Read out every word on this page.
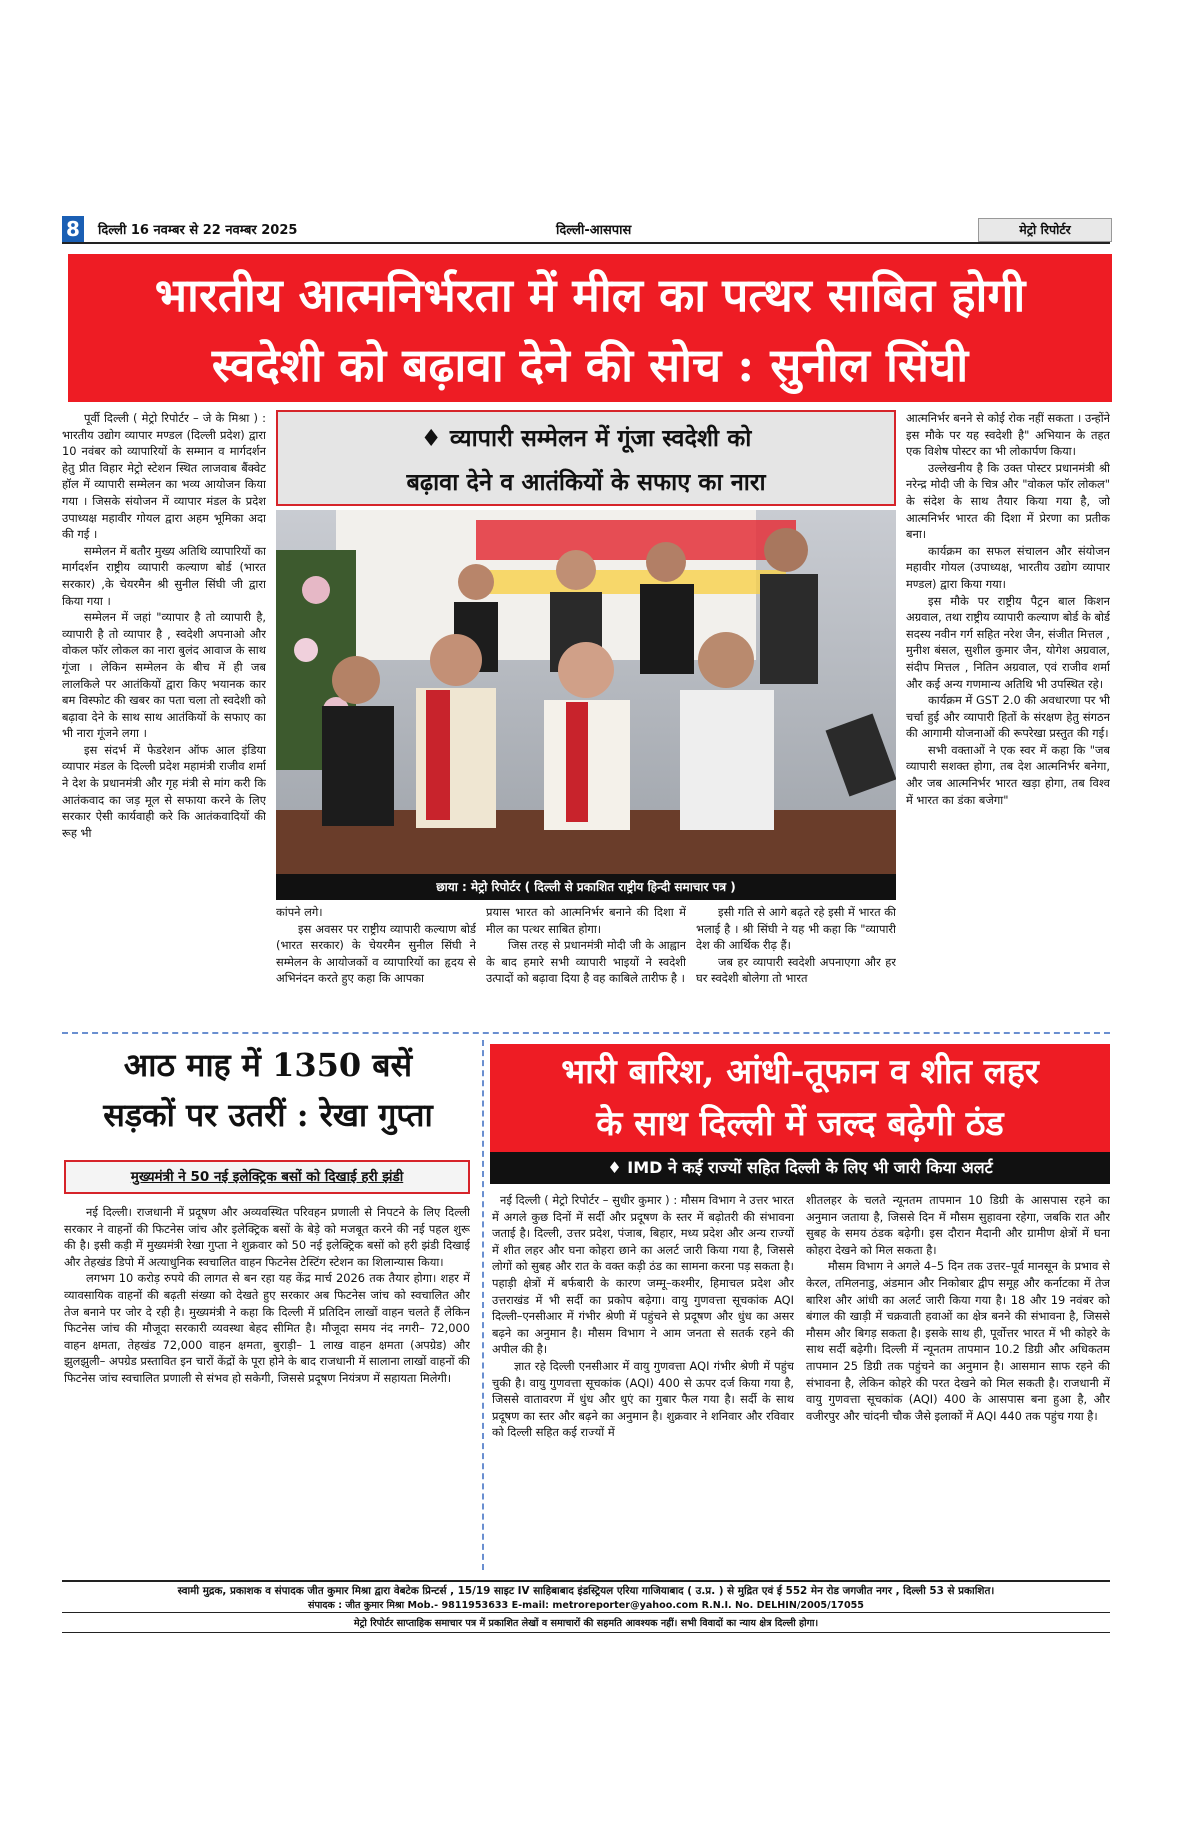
8	दिल्ली 16 नवम्बर से 22 नवम्बर 2025	दिल्ली-आसपास	मेट्रो रिपोर्टर
भारतीय आत्मनिर्भरता में मील का पत्थर साबित होगी
स्वदेशी को बढ़ावा देने की सोच : सुनील सिंघी

पूर्वी दिल्ली ( मेट्रो रिपोर्टर – जे के मिश्रा ) : भारतीय उद्योग व्यापार मण्डल (दिल्ली प्रदेश) द्वारा 10 नवंबर को व्यापारियों के सम्मान व मार्गदर्शन हेतु प्रीत विहार मेट्रो स्टेशन स्थित लाजवाब बैंक्वेट हॉल में व्यापारी सम्मेलन का भव्य आयोजन किया गया । जिसके संयोजन में व्यापार मंडल के प्रदेश उपाध्यक्ष महावीर गोयल द्वारा अहम भूमिका अदा की गई ।

सम्मेलन में बतौर मुख्य अतिथि व्यापारियों का मार्गदर्शन राष्ट्रीय व्यापारी कल्याण बोर्ड (भारत सरकार) ,के चेयरमैन श्री सुनील सिंघी जी द्वारा किया गया ।

सम्मेलन में जहां "व्यापार है तो व्यापारी है, व्यापारी है तो व्यापार है , स्वदेशी अपनाओ और वोकल फॉर लोकल का नारा बुलंद आवाज के साथ गूंजा । लेकिन सम्मेलन के बीच में ही जब लालकिले पर आतंकियों द्वारा किए भयानक कार बम विस्फोट की खबर का पता चला तो स्वदेशी को बढ़ावा देने के साथ साथ आतंकियों के सफाए का भी नारा गूंजने लगा ।

इस संदर्भ में फेडरेशन ऑफ आल इंडिया व्यापार मंडल के दिल्ली प्रदेश महामंत्री राजीव शर्मा ने देश के प्रधानमंत्री और गृह मंत्री से मांग करी कि आतंकवाद का जड़ मूल से सफाया करने के लिए सरकार ऐसी कार्यवाही करे कि आतंकवादियों की रूह भी

♦ व्यापारी सम्मेलन में गूंजा स्वदेशी को
बढ़ावा देने व आतंकियों के सफाए का नारा
छाया : मेट्रो रिपोर्टर ( दिल्ली से प्रकाशित राष्ट्रीय हिन्दी समाचार पत्र )

कांपने लगे।

इस अवसर पर राष्ट्रीय व्यापारी कल्याण बोर्ड (भारत सरकार) के चेयरमैन सुनील सिंघी ने सम्मेलन के आयोजकों व व्यापारियों का हृदय से अभिनंदन करते हुए कहा कि आपका

प्रयास भारत को आत्मनिर्भर बनाने की दिशा में मील का पत्थर साबित होगा।

जिस तरह से प्रधानमंत्री मोदी जी के आह्वान के बाद हमारे सभी व्यापारी भाइयों ने स्वदेशी उत्पादों को बढ़ावा दिया है वह काबिले तारीफ है ।

इसी गति से आगे बढ़ते रहे इसी में भारत की भलाई है । श्री सिंघी ने यह भी कहा कि "व्यापारी देश की आर्थिक रीढ़ हैं।

जब हर व्यापारी स्वदेशी अपनाएगा और हर घर स्वदेशी बोलेगा तो भारत

आत्मनिर्भर बनने से कोई रोक नहीं सकता । उन्होंने इस मौके पर यह स्वदेशी है" अभियान के तहत एक विशेष पोस्टर का भी लोकार्पण किया।

उल्लेखनीय है कि उक्त पोस्टर प्रधानमंत्री श्री नरेन्द्र मोदी जी के चित्र और "वोकल फॉर लोकल" के संदेश के साथ तैयार किया गया है, जो आत्मनिर्भर भारत की दिशा में प्रेरणा का प्रतीक बना।

कार्यक्रम का सफल संचालन और संयोजन महावीर गोयल (उपाध्यक्ष, भारतीय उद्योग व्यापार मण्डल) द्वारा किया गया।

इस मौके पर राष्ट्रीय पैट्रन बाल किशन अग्रवाल, तथा राष्ट्रीय व्यापारी कल्याण बोर्ड के बोर्ड सदस्य नवीन गर्ग सहित नरेश जैन, संजीत मित्तल , मुनीश बंसल, सुशील कुमार जैन, योगेश अग्रवाल, संदीप मित्तल , नितिन अग्रवाल, एवं राजीव शर्मा और कई अन्य गणमान्य अतिथि भी उपस्थित रहे।

कार्यक्रम में GST 2.0 की अवधारणा पर भी चर्चा हुई और व्यापारी हितों के संरक्षण हेतु संगठन की आगामी योजनाओं की रूपरेखा प्रस्तुत की गई।

सभी वक्ताओं ने एक स्वर में कहा कि "जब व्यापारी सशक्त होगा, तब देश आत्मनिर्भर बनेगा, और जब आत्मनिर्भर भारत खड़ा होगा, तब विश्व में भारत का डंका बजेगा"

आठ माह में 1350 बसें
सड़कों पर उतरीं : रेखा गुप्ता
मुख्यमंत्री ने 50 नई इलेक्ट्रिक बसों को दिखाई हरी झंडी

नई दिल्ली। राजधानी में प्रदूषण और अव्यवस्थित परिवहन प्रणाली से निपटने के लिए दिल्ली सरकार ने वाहनों की फिटनेस जांच और इलेक्ट्रिक बसों के बेड़े को मजबूत करने की नई पहल शुरू की है। इसी कड़ी में मुख्यमंत्री रेखा गुप्ता ने शुक्रवार को 50 नई इलेक्ट्रिक बसों को हरी झंडी दिखाई और तेहखंड डिपो में अत्याधुनिक स्वचालित वाहन फिटनेस टेस्टिंग स्टेशन का शिलान्यास किया।

लगभग 10 करोड़ रुपये की लागत से बन रहा यह केंद्र मार्च 2026 तक तैयार होगा। शहर में व्यावसायिक वाहनों की बढ़ती संख्या को देखते हुए सरकार अब फिटनेस जांच को स्वचालित और तेज बनाने पर जोर दे रही है। मुख्यमंत्री ने कहा कि दिल्ली में प्रतिदिन लाखों वाहन चलते हैं लेकिन फिटनेस जांच की मौजूदा सरकारी व्यवस्था बेहद सीमित है। मौजूदा समय नंद नगरी– 72,000 वाहन क्षमता, तेहखंड 72,000 वाहन क्षमता, बुराड़ी– 1 लाख वाहन क्षमता (अपग्रेड) और झुलझुली– अपग्रेड प्रस्तावित इन चारों केंद्रों के पूरा होने के बाद राजधानी में सालाना लाखों वाहनों की फिटनेस जांच स्वचालित प्रणाली से संभव हो सकेगी, जिससे प्रदूषण नियंत्रण में सहायता मिलेगी।

भारी बारिश, आंधी-तूफान व शीत लहर
के साथ दिल्ली में जल्द बढ़ेगी ठंड
♦ IMD ने कई राज्यों सहित दिल्ली के लिए भी जारी किया अलर्ट

नई दिल्ली ( मेट्रो रिपोर्टर – सुधीर कुमार ) : मौसम विभाग ने उत्तर भारत में अगले कुछ दिनों में सर्दी और प्रदूषण के स्तर में बढ़ोतरी की संभावना जताई है। दिल्ली, उत्तर प्रदेश, पंजाब, बिहार, मध्य प्रदेश और अन्य राज्यों में शीत लहर और घना कोहरा छाने का अलर्ट जारी किया गया है, जिससे लोगों को सुबह और रात के वक्त कड़ी ठंड का सामना करना पड़ सकता है। पहाड़ी क्षेत्रों में बर्फबारी के कारण जम्मू–कश्मीर, हिमाचल प्रदेश और उत्तराखंड में भी सर्दी का प्रकोप बढ़ेगा। वायु गुणवत्ता सूचकांक AQI दिल्ली–एनसीआर में गंभीर श्रेणी में पहुंचने से प्रदूषण और धुंध का असर बढ़ने का अनुमान है। मौसम विभाग ने आम जनता से सतर्क रहने की अपील की है।

ज्ञात रहे दिल्ली एनसीआर में वायु गुणवत्ता AQI गंभीर श्रेणी में पहुंच चुकी है। वायु गुणवत्ता सूचकांक (AQI) 400 से ऊपर दर्ज किया गया है, जिससे वातावरण में धुंध और धुएं का गुबार फैल गया है। सर्दी के साथ प्रदूषण का स्तर और बढ़ने का अनुमान है। शुक्रवार ने शनिवार और रविवार को दिल्ली सहित कई राज्यों में

शीतलहर के चलते न्यूनतम तापमान 10 डिग्री के आसपास रहने का अनुमान जताया है, जिससे दिन में मौसम सुहावना रहेगा, जबकि रात और सुबह के समय ठंडक बढ़ेगी। इस दौरान मैदानी और ग्रामीण क्षेत्रों में घना कोहरा देखने को मिल सकता है।

मौसम विभाग ने अगले 4–5 दिन तक उत्तर–पूर्व मानसून के प्रभाव से केरल, तमिलनाडु, अंडमान और निकोबार द्वीप समूह और कर्नाटका में तेज बारिश और आंधी का अलर्ट जारी किया गया है। 18 और 19 नवंबर को बंगाल की खाड़ी में चक्रवाती हवाओं का क्षेत्र बनने की संभावना है, जिससे मौसम और बिगड़ सकता है। इसके साथ ही, पूर्वोत्तर भारत में भी कोहरे के साथ सर्दी बढ़ेगी। दिल्ली में न्यूनतम तापमान 10.2 डिग्री और अधिकतम तापमान 25 डिग्री तक पहुंचने का अनुमान है। आसमान साफ रहने की संभावना है, लेकिन कोहरे की परत देखने को मिल सकती है। राजधानी में वायु गुणवत्ता सूचकांक (AQI) 400 के आसपास बना हुआ है, और वजीरपुर और चांदनी चौक जैसे इलाकों में AQI 440 तक पहुंच गया है।

स्वामी मुद्रक, प्रकाशक व संपादक जीत कुमार मिश्रा द्वारा वेबटेक प्रिन्टर्स , 15/19 साइट IV साहिबाबाद इंडस्ट्रियल एरिया गाजियाबाद ( उ.प्र. ) से मुद्रित एवं ई 552 मेन रोड जगजीत नगर , दिल्ली 53 से प्रकाशित।
संपादक : जीत कुमार मिश्रा Mob.- 9811953633 E-mail: metroreporter@yahoo.com R.N.I. No. DELHIN/2005/17055
मेट्रो रिपोर्टर साप्ताहिक समाचार पत्र में प्रकाशित लेखों व समाचारों की सहमति आवश्यक नहीं। सभी विवादों का न्याय क्षेत्र दिल्ली होगा।
